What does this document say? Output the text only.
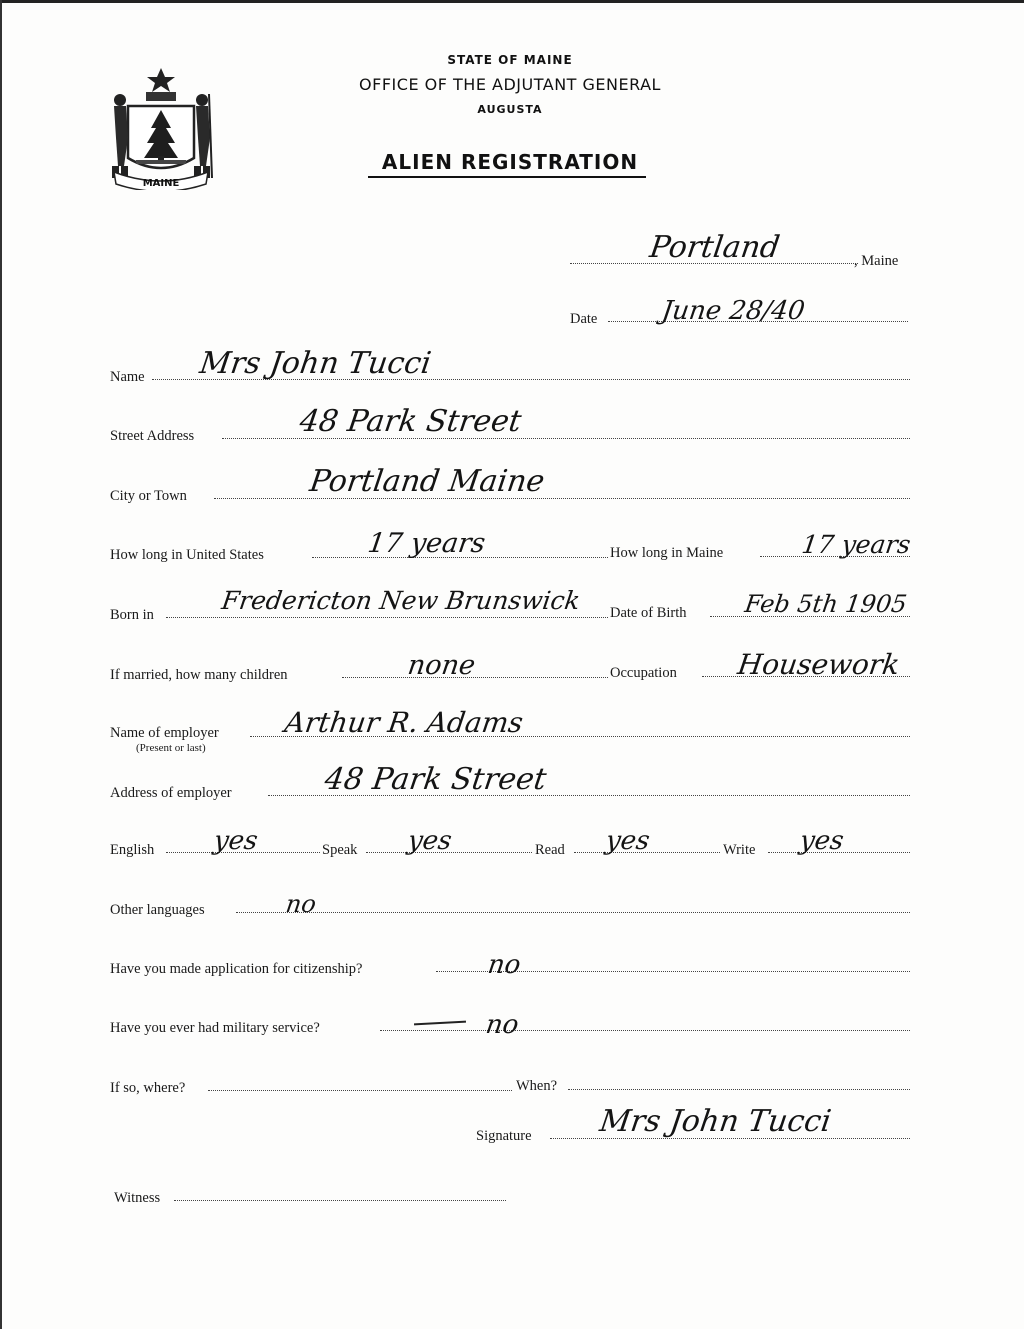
MAINE
STATE OF MAINE
OFFICE OF THE ADJUTANT GENERAL
AUGUSTA
ALIEN REGISTRATION
Portland	, Maine
Date June 28/40
Name Mrs John Tucci
Street Address	48 Park Street
City or Town	Portland Maine
How long in United States	17 years	How long in Maine	17 years
Born in	Fredericton New Brunswick Date of Birth Feb 5th 1905
If married, how many children	none	Occupation Housework
Name of employer
(Present or last)
Arthur R. Adams
Address of employer	48 Park Street
English yes	Speak yes	Read yes	Write yes
Other languages	no
Have you made application for citizenship?	no
Have you ever had military service?	no
If so, where?	When?
Signature Mrs John Tucci
Witness
